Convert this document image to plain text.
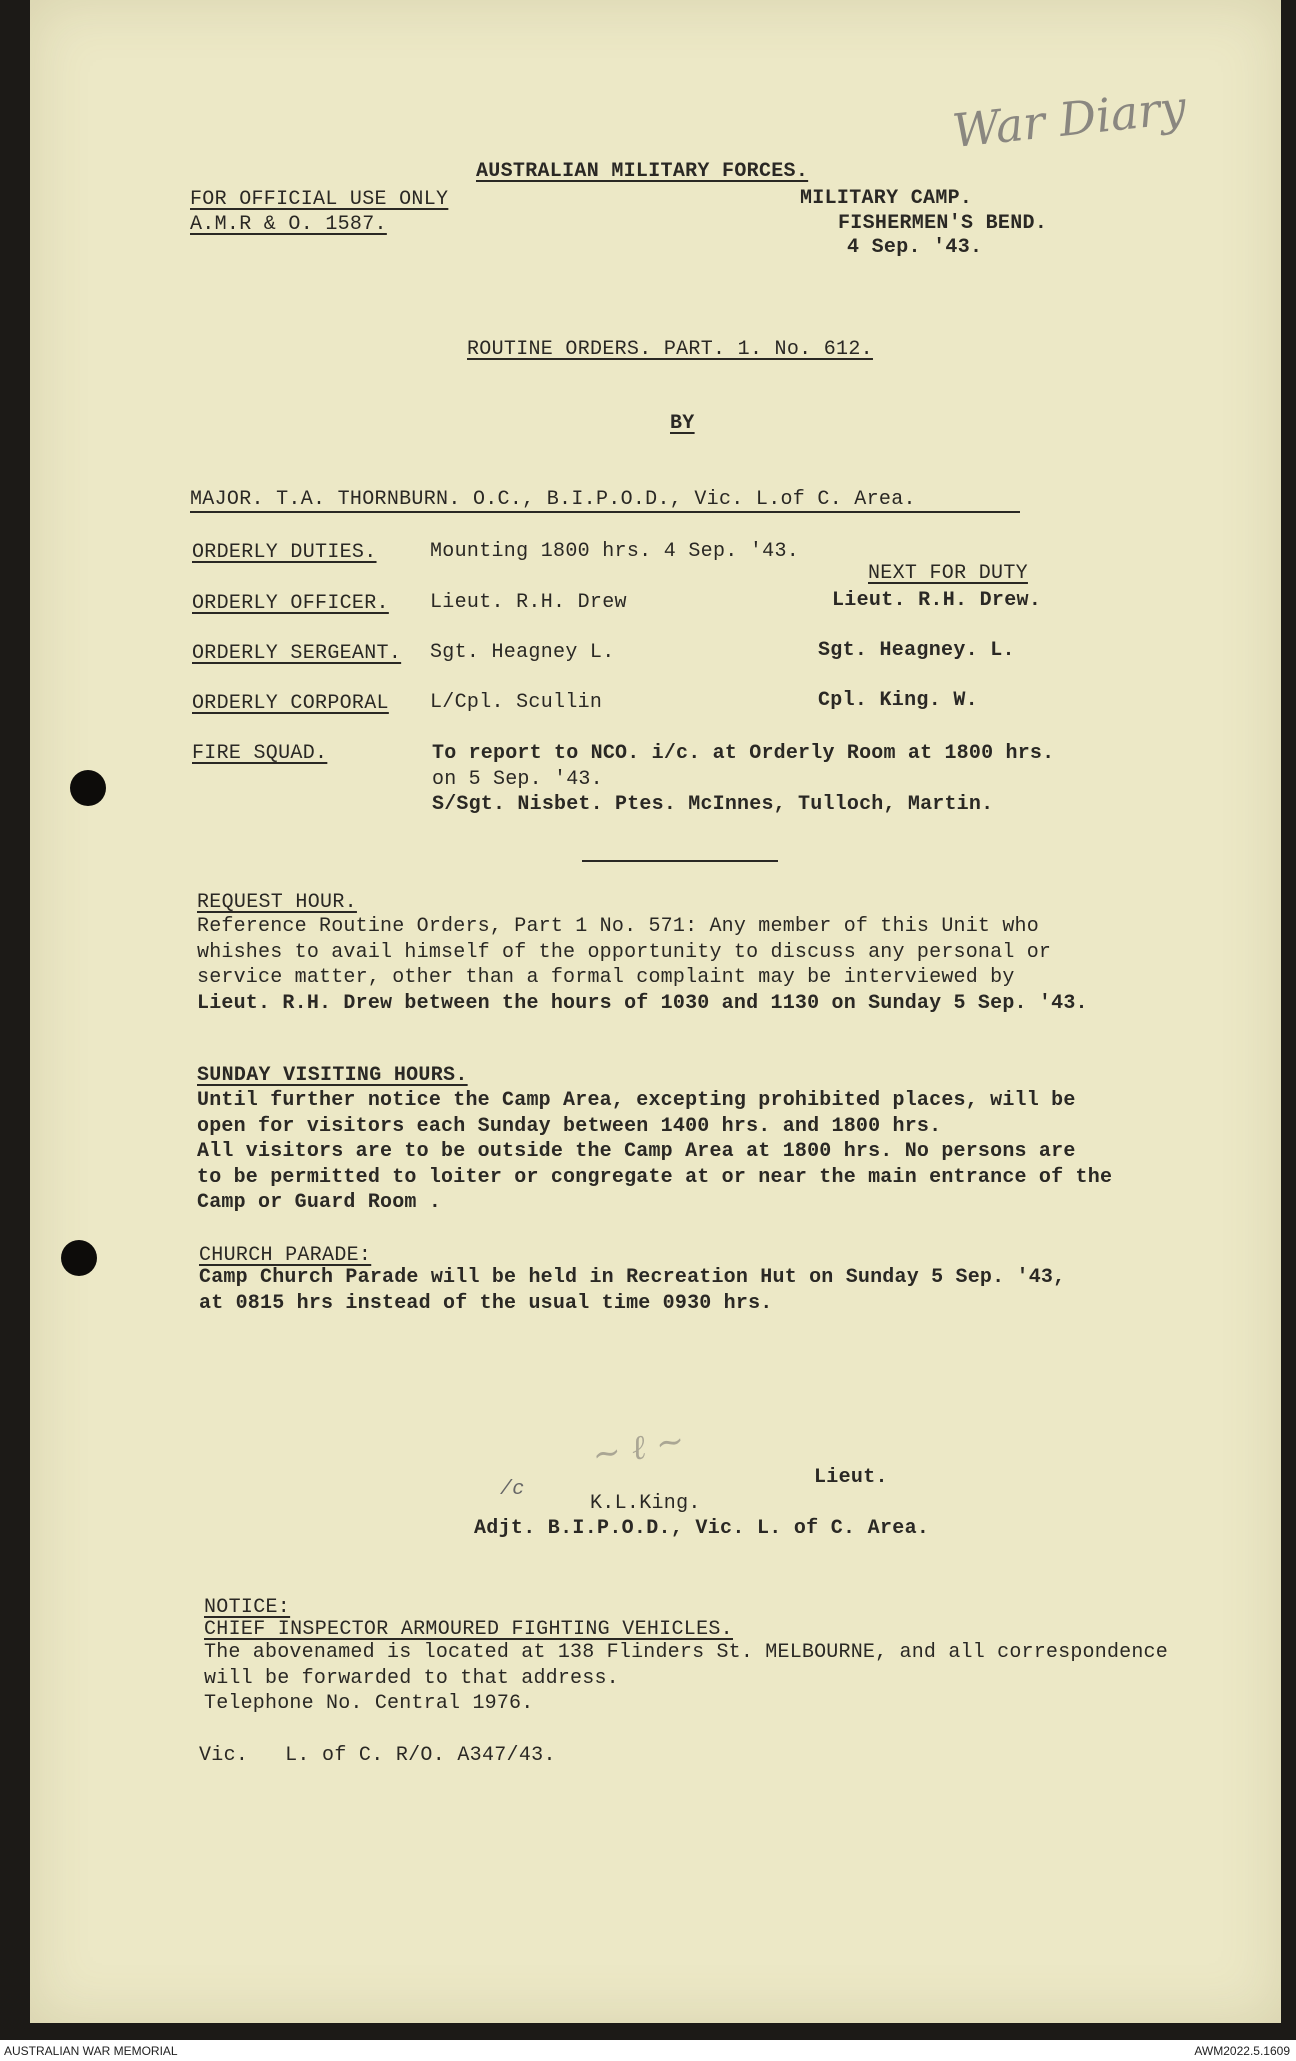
War Diary
AUSTRALIAN MILITARY FORCES.
FOR OFFICIAL USE ONLY
A.M.R & O. 1587.
MILITARY CAMP.
FISHERMEN'S BEND.
4 Sep. '43.
ROUTINE ORDERS. PART. 1. No. 612.
BY
MAJOR. T.A. THORNBURN. O.C., B.I.P.O.D., Vic. L.of C. Area.
ORDERLY DUTIES.	Mounting 1800 hrs. 4 Sep. '43.
NEXT FOR DUTY
ORDERLY OFFICER. Lieut. R.H. Drew	Lieut. R.H. Drew.
ORDERLY SERGEANT. Sgt. Heagney L.	Sgt. Heagney. L.
ORDERLY CORPORAL L/Cpl. Scullin	Cpl. King. W.
FIRE SQUAD.	To report to NCO. i/c. at Orderly Room at 1800 hrs.
on 5 Sep. '43.
S/Sgt. Nisbet. Ptes. McInnes, Tulloch, Martin.
REQUEST HOUR.
Reference Routine Orders, Part 1 No. 571: Any member of this Unit who
whishes to avail himself of the opportunity to discuss any personal or
service matter, other than a formal complaint may be interviewed by
Lieut. R.H. Drew between the hours of 1030 and 1130 on Sunday 5 Sep. '43.
SUNDAY VISITING HOURS.
Until further notice the Camp Area, excepting prohibited places, will be
open for visitors each Sunday between 1400 hrs. and 1800 hrs.
All visitors are to be outside the Camp Area at 1800 hrs. No persons are
to be permitted to loiter or congregate at or near the main entrance of the
Camp or Guard Room .
CHURCH PARADE:
Camp Church Parade will be held in Recreation Hut on Sunday 5 Sep. '43,
at 0815 hrs instead of the usual time 0930 hrs.
~ ℓ ~
Lieut.
/c
K.L.King.
Adjt. B.I.P.O.D., Vic. L. of C. Area.
NOTICE:
CHIEF INSPECTOR ARMOURED FIGHTING VEHICLES.
The abovenamed is located at 138 Flinders St. MELBOURNE, and all correspondence
will be forwarded to that address.
Telephone No. Central 1976.
Vic.   L. of C. R/O. A347/43.
AUSTRALIAN WAR MEMORIAL	AWM2022.5.1609
